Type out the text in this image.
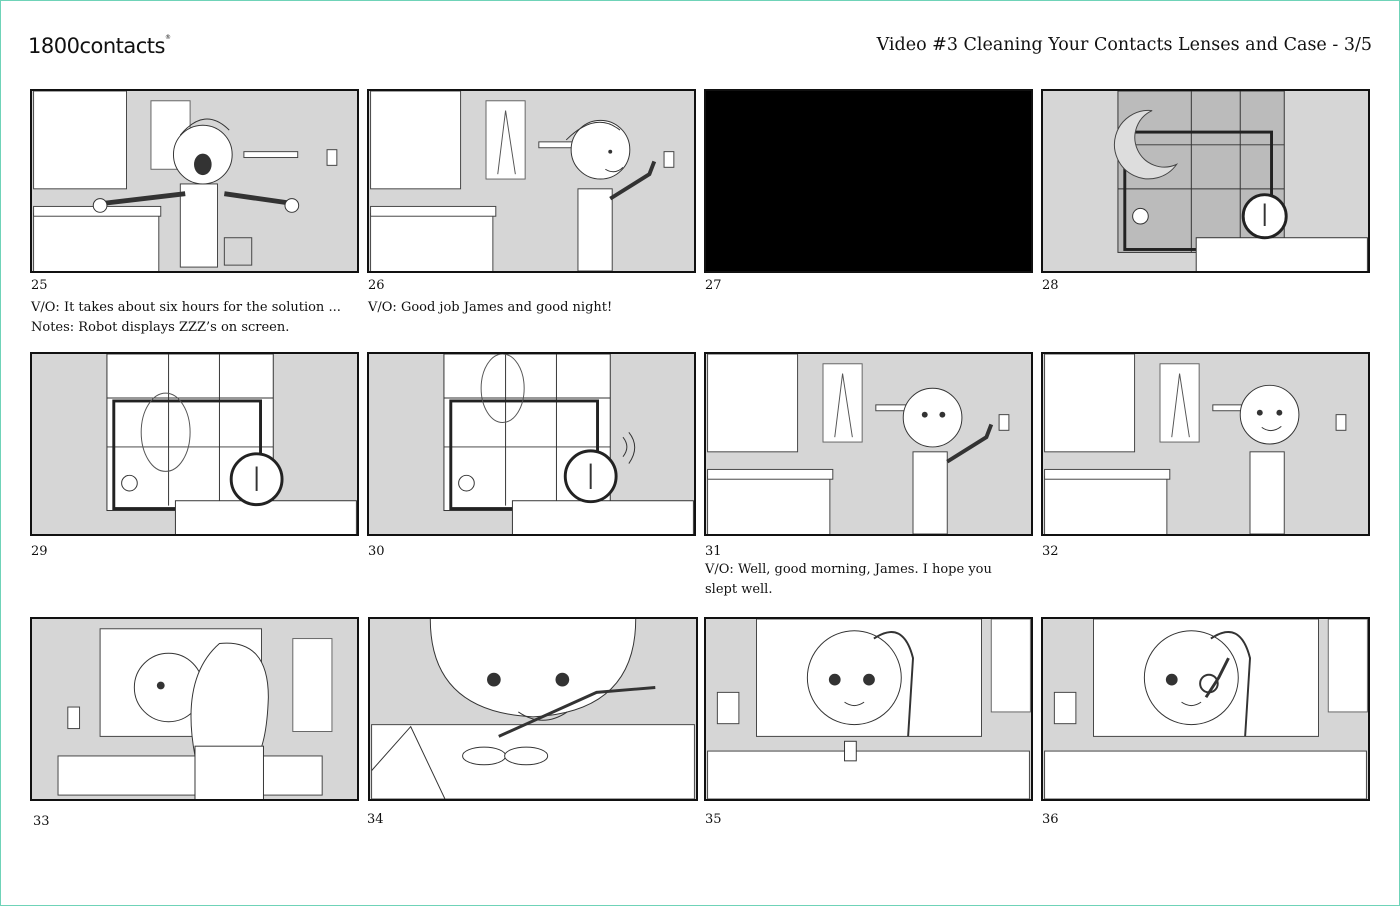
1800contacts®	Video #3 Cleaning Your Contacts Lenses and Case - 3/5
25
V/O: It takes about six hours for the solution ...
Notes: Robot displays ZZZ’s on screen.
26
V/O: Good job James and good night!
27	28
29	30	31
V/O: Well, good morning, James. I hope you
slept well.
32
33	34	35	36
